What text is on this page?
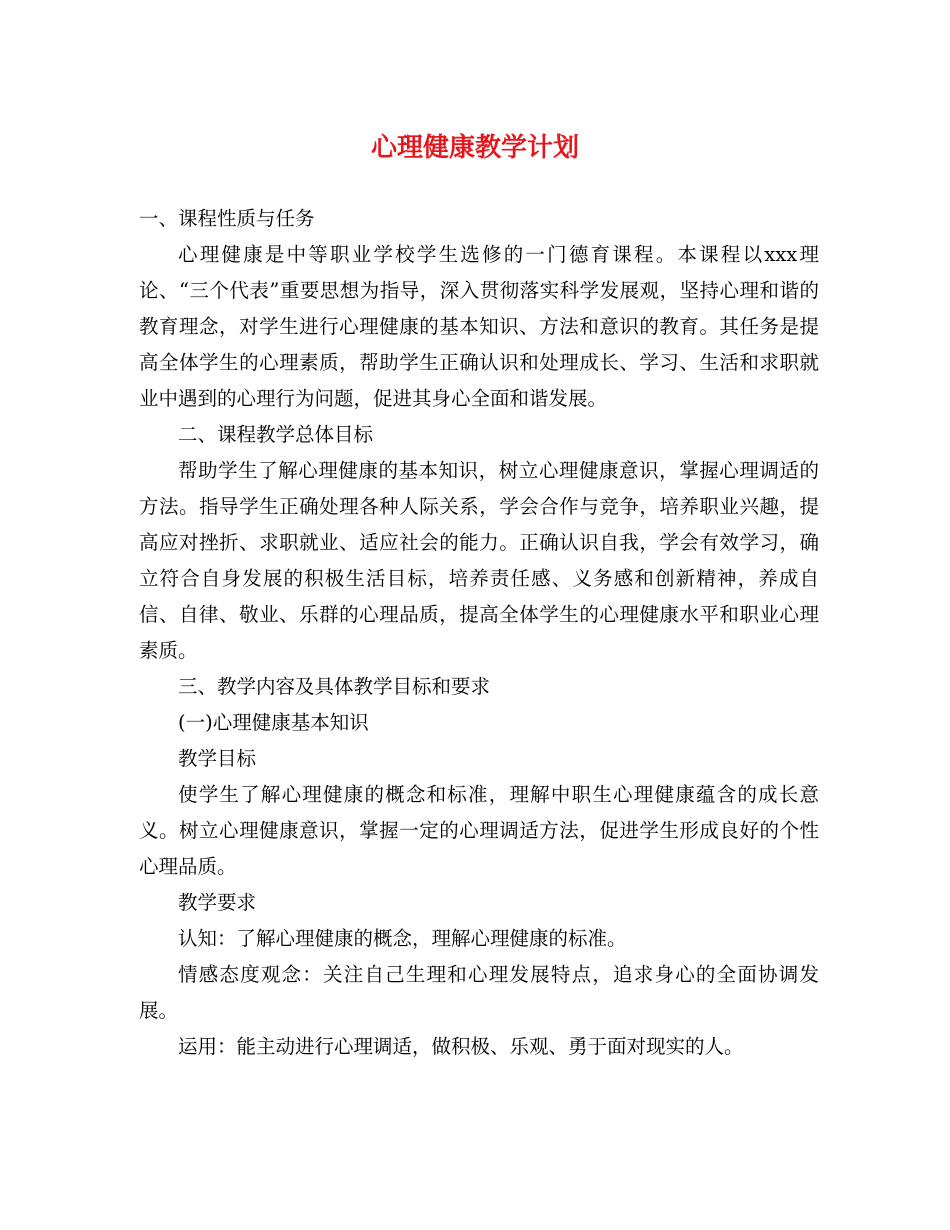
心理健康教学计划

一、课程性质与任务

心理健康是中等职业学校学生选修的一门德育课程。本课程以xxx理论、“三个代表”重要思想为指导，深入贯彻落实科学发展观，坚持心理和谐的教育理念，对学生进行心理健康的基本知识、方法和意识的教育。其任务是提高全体学生的心理素质，帮助学生正确认识和处理成长、学习、生活和求职就业中遇到的心理行为问题，促进其身心全面和谐发展。

二、课程教学总体目标

帮助学生了解心理健康的基本知识，树立心理健康意识，掌握心理调适的方法。指导学生正确处理各种人际关系，学会合作与竞争，培养职业兴趣，提高应对挫折、求职就业、适应社会的能力。正确认识自我，学会有效学习，确立符合自身发展的积极生活目标，培养责任感、义务感和创新精神，养成自信、自律、敬业、乐群的心理品质，提高全体学生的心理健康水平和职业心理素质。

三、教学内容及具体教学目标和要求

(一)心理健康基本知识

教学目标

使学生了解心理健康的概念和标准，理解中职生心理健康蕴含的成长意义。树立心理健康意识，掌握一定的心理调适方法，促进学生形成良好的个性心理品质。

教学要求

认知：了解心理健康的概念，理解心理健康的标准。

情感态度观念：关注自己生理和心理发展特点，追求身心的全面协调发展。

运用：能主动进行心理调适，做积极、乐观、勇于面对现实的人。
